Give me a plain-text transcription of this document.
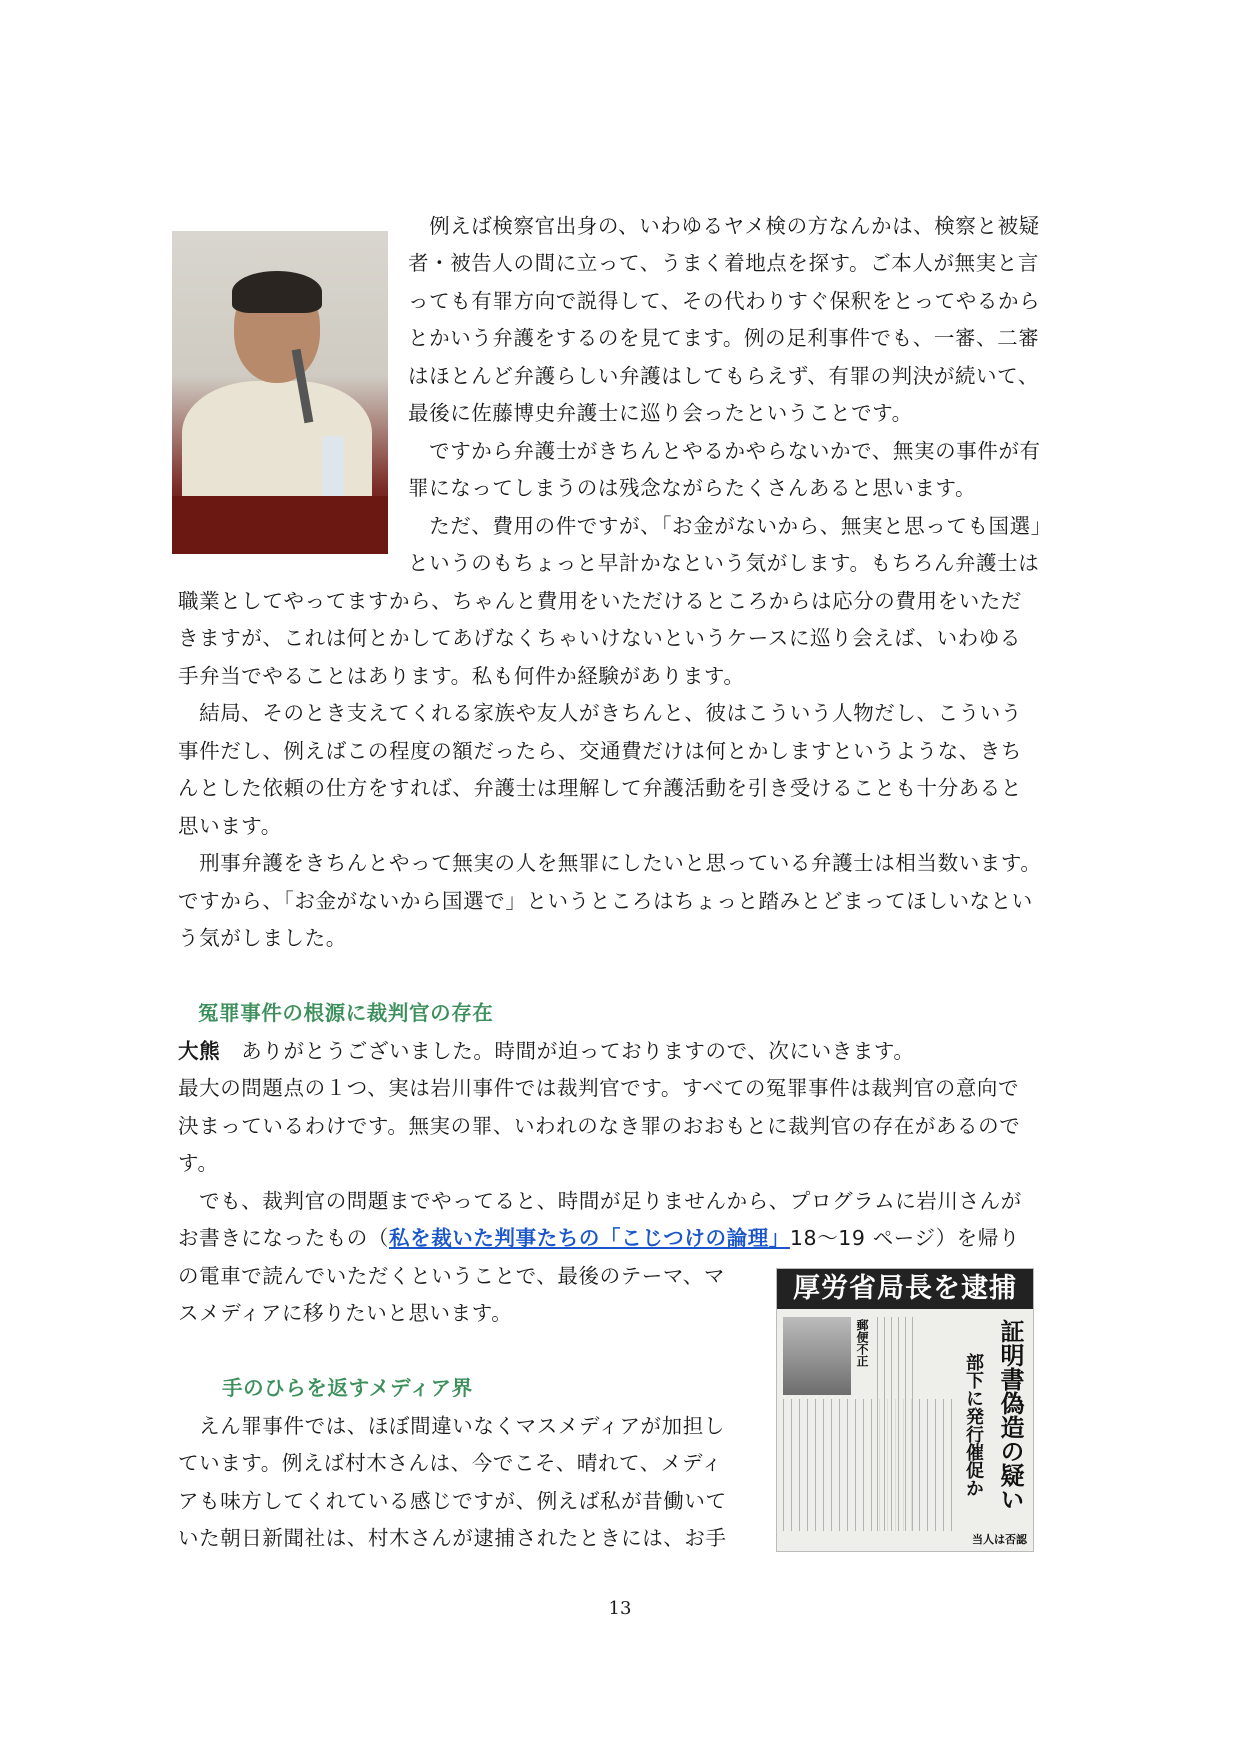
　例えば検察官出身の、いわゆるヤメ検の方なんかは、検察と被疑
者・被告人の間に立って、うまく着地点を探す。ご本人が無実と言
っても有罪方向で説得して、その代わりすぐ保釈をとってやるから
とかいう弁護をするのを見てます。例の足利事件でも、一審、二審
はほとんど弁護らしい弁護はしてもらえず、有罪の判決が続いて、
最後に佐藤博史弁護士に巡り会ったということです。
　ですから弁護士がきちんとやるかやらないかで、無実の事件が有
罪になってしまうのは残念ながらたくさんあると思います。
　ただ、費用の件ですが、「お金がないから、無実と思っても国選」
というのもちょっと早計かなという気がします。もちろん弁護士は
職業としてやってますから、ちゃんと費用をいただけるところからは応分の費用をいただ
きますが、これは何とかしてあげなくちゃいけないというケースに巡り会えば、いわゆる
手弁当でやることはあります。私も何件か経験があります。
　結局、そのとき支えてくれる家族や友人がきちんと、彼はこういう人物だし、こういう
事件だし、例えばこの程度の額だったら、交通費だけは何とかしますというような、きち
んとした依頼の仕方をすれば、弁護士は理解して弁護活動を引き受けることも十分あると
思います。
　刑事弁護をきちんとやって無実の人を無罪にしたいと思っている弁護士は相当数います。
ですから、「お金がないから国選で」というところはちょっと踏みとどまってほしいなとい
う気がしました。
冤罪事件の根源に裁判官の存在
大熊　ありがとうございました。時間が迫っておりますので、次にいきます。
最大の問題点の１つ、実は岩川事件では裁判官です。すべての冤罪事件は裁判官の意向で
決まっているわけです。無実の罪、いわれのなき罪のおおもとに裁判官の存在があるので
す。
　でも、裁判官の問題までやってると、時間が足りませんから、プログラムに岩川さんが
お書きになったもの（私を裁いた判事たちの「こじつけの論理」18～19 ページ）を帰り
の電車で読んでいただくということで、最後のテーマ、マ
スメディアに移りたいと思います。
手のひらを返すメディア界
　えん罪事件では、ほぼ間違いなくマスメディアが加担し
ています。例えば村木さんは、今でこそ、晴れて、メディ
アも味方してくれている感じですが、例えば私が昔働いて
いた朝日新聞社は、村木さんが逮捕されたときには、お手
厚労省局長を逮捕
郵便不正
部下に発行催促か 証明書偽造の疑い
当人は否認
13
